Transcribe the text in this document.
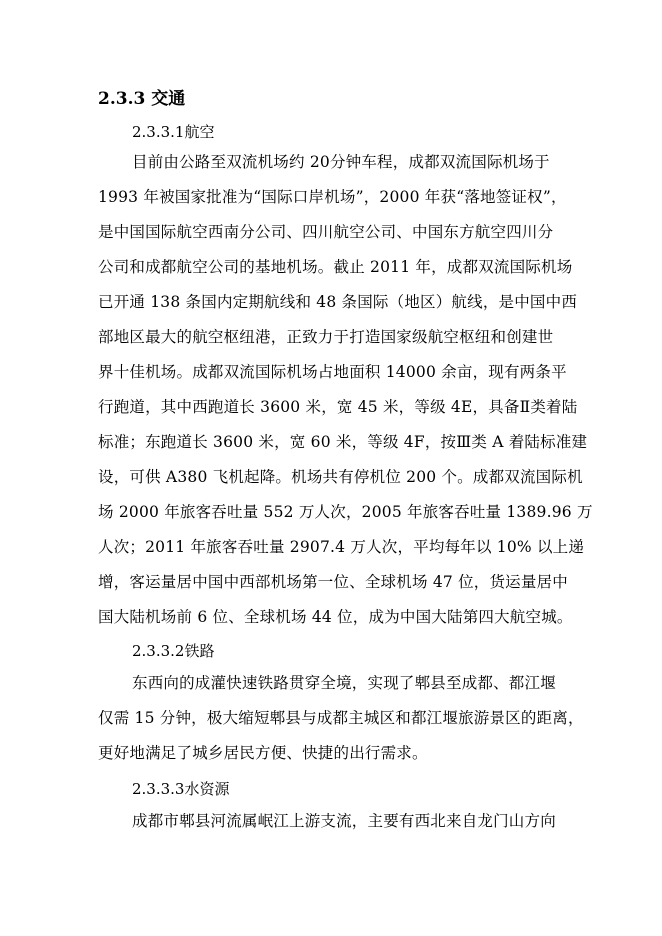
2.3.3 交通
2.3.3.1航空
目前由公路至双流机场约 20分钟车程，成都双流国际机场于
1993 年被国家批准为“国际口岸机场”，2000 年获“落地签证权”，
是中国国际航空西南分公司、四川航空公司、中国东方航空四川分
公司和成都航空公司的基地机场。截止 2011 年，成都双流国际机场
已开通 138 条国内定期航线和 48 条国际（地区）航线，是中国中西
部地区最大的航空枢纽港，正致力于打造国家级航空枢纽和创建世
界十佳机场。成都双流国际机场占地面积 14000 余亩，现有两条平
行跑道，其中西跑道长 3600 米，宽 45 米，等级 4E，具备Ⅱ类着陆
标准；东跑道长 3600 米，宽 60 米，等级 4F，按Ⅲ类 A 着陆标准建
设，可供 A380 飞机起降。机场共有停机位 200 个。成都双流国际机
场 2000 年旅客吞吐量 552 万人次，2005 年旅客吞吐量 1389.96 万
人次；2011 年旅客吞吐量 2907.4 万人次，平均每年以 10% 以上递
增，客运量居中国中西部机场第一位、全球机场 47 位，货运量居中
国大陆机场前 6 位、全球机场 44 位，成为中国大陆第四大航空城。
2.3.3.2铁路
东西向的成灌快速铁路贯穿全境，实现了郫县至成都、都江堰
仅需 15 分钟，极大缩短郫县与成都主城区和都江堰旅游景区的距离，
更好地满足了城乡居民方便、快捷的出行需求。
2.3.3.3水资源
成都市郫县河流属岷江上游支流，主要有西北来自龙门山方向
